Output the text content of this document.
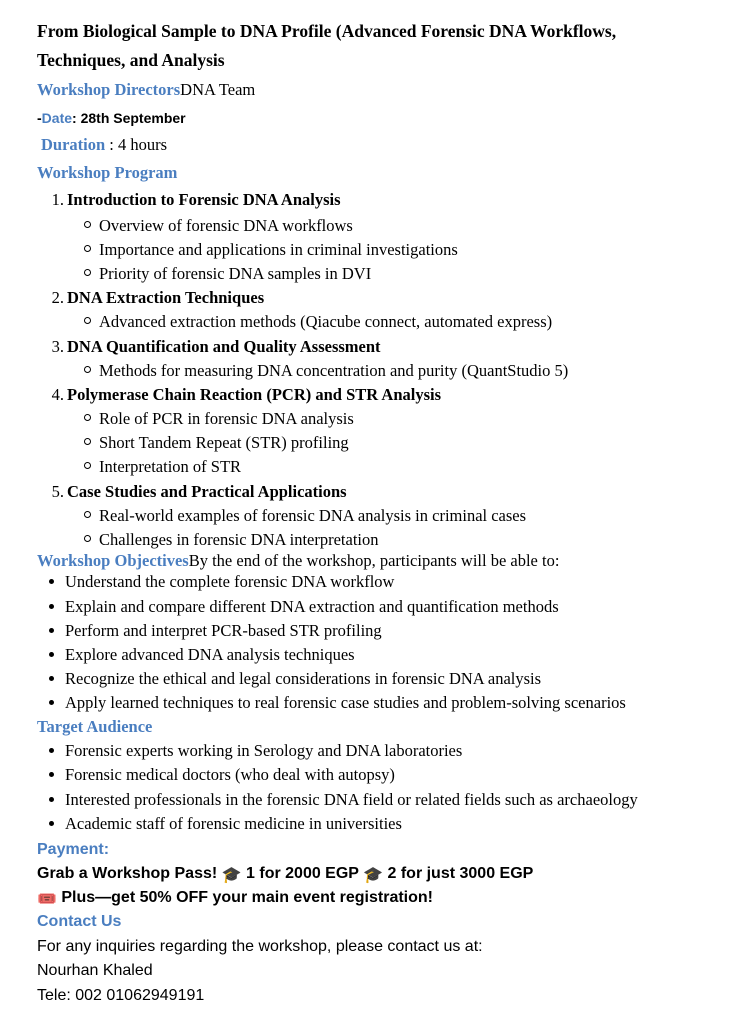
From Biological Sample to DNA Profile (Advanced Forensic DNA Workflows,
Techniques, and Analysis
Workshop DirectorsDNA Team
-Date: 28th September
Duration : 4 hours
Workshop Program
1. Introduction to Forensic DNA Analysis
Overview of forensic DNA workflows
Importance and applications in criminal investigations
Priority of forensic DNA samples in DVI
2. DNA Extraction Techniques
Advanced extraction methods (Qiacube connect, automated express)
3. DNA Quantification and Quality Assessment
Methods for measuring DNA concentration and purity (QuantStudio 5)
4. Polymerase Chain Reaction (PCR) and STR Analysis
Role of PCR in forensic DNA analysis
Short Tandem Repeat (STR) profiling
Interpretation of STR
5. Case Studies and Practical Applications
Real-world examples of forensic DNA analysis in criminal cases
Challenges in forensic DNA interpretation
Workshop ObjectivesBy the end of the workshop, participants will be able to:
Understand the complete forensic DNA workflow
Explain and compare different DNA extraction and quantification methods
Perform and interpret PCR-based STR profiling
Explore advanced DNA analysis techniques
Recognize the ethical and legal considerations in forensic DNA analysis
Apply learned techniques to real forensic case studies and problem-solving scenarios
Target Audience
Forensic experts working in Serology and DNA laboratories
Forensic medical doctors (who deal with autopsy)
Interested professionals in the forensic DNA field or related fields such as archaeology
Academic staff of forensic medicine in universities
Payment:
Grab a Workshop Pass! 🎓 1 for 2000 EGP 🎓 2 for just 3000 EGP
🎟️ Plus—get 50% OFF your main event registration!
Contact Us
For any inquiries regarding the workshop, please contact us at:
Nourhan Khaled
Tele: 002 01062949191
